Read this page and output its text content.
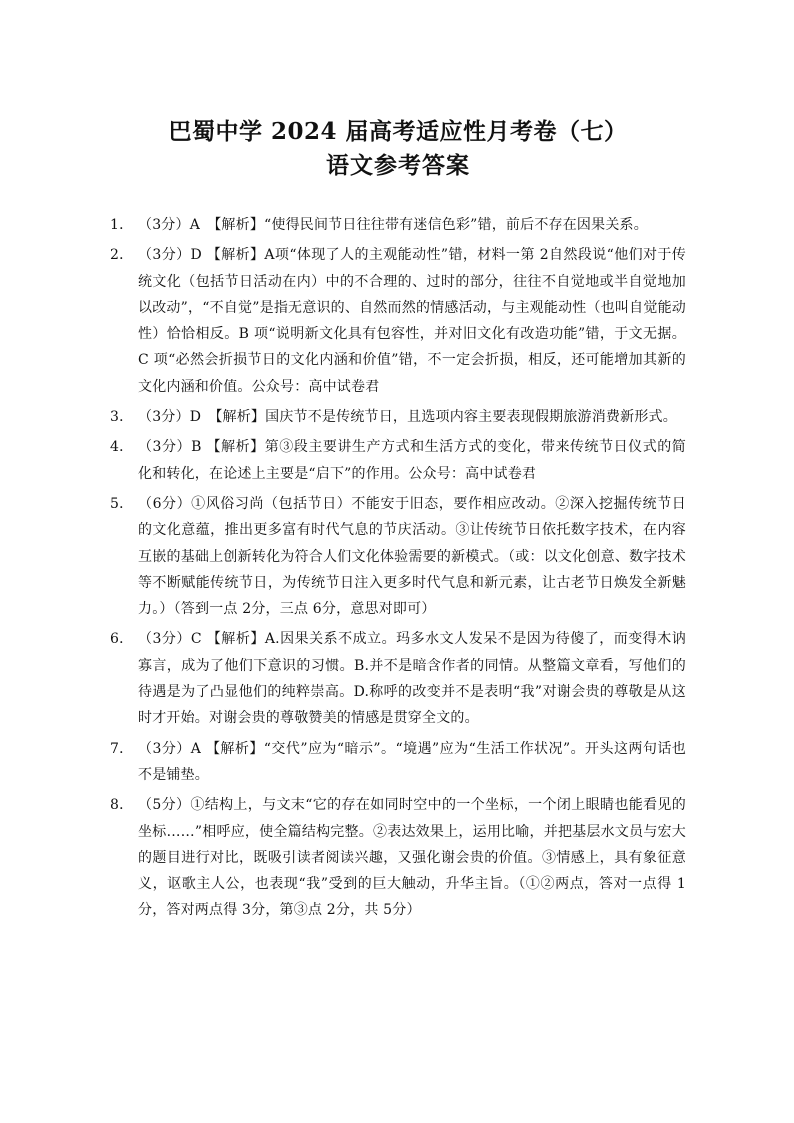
巴蜀中学 2024 届高考适应性月考卷（七）
语文参考答案
1． （3分）A　【解析】“使得民间节日往往带有迷信色彩”错，前后不存在因果关系。
2． （3分）D 【解析】A项“体现了人的主观能动性”错，材料一第 2自然段说“他们对于传统文化（包括节日活动在内）中的不合理的、过时的部分，往往不自觉地或半自觉地加以改动”，“不自觉”是指无意识的、自然而然的情感活动，与主观能动性（也叫自觉能动性）恰恰相反。B 项“说明新文化具有包容性，并对旧文化有改造功能”错，于文无据。 C 项“必然会折损节日的文化内涵和价值”错，不一定会折损，相反，还可能增加其新的文化内涵和价值。公众号：高中试卷君
3． （3分）D　【解析】国庆节不是传统节日，且选项内容主要表现假期旅游消费新形式。
4． （3分）B 【解析】第③段主要讲生产方式和生活方式的变化，带来传统节日仪式的简化和转化，在论述上主要是“启下”的作用。公众号：高中试卷君
5． （6分）①风俗习尚（包括节日）不能安于旧态，要作相应改动。②深入挖掘传统节日的文化意蕴，推出更多富有时代气息的节庆活动。③让传统节日依托数字技术，在内容互嵌的基础上创新转化为符合人们文化体验需要的新模式。（或：以文化创意、数字技术等不断赋能传统节日，为传统节日注入更多时代气息和新元素，让古老节日焕发全新魅力。）（答到一点 2分，三点 6分，意思对即可）
6． （3分）C 【解析】A.因果关系不成立。玛多水文人发呆不是因为待傻了，而变得木讷寡言，成为了他们下意识的习惯。B.并不是暗含作者的同情。从整篇文章看，写他们的待遇是为了凸显他们的纯粹崇高。D.称呼的改变并不是表明“我”对谢会贵的尊敬是从这时才开始。对谢会贵的尊敬赞美的情感是贯穿全文的。
7． （3分）A 【解析】“交代”应为“暗示”。“境遇”应为“生活工作状况”。开头这两句话也不是铺垫。
8． （5分）①结构上，与文末“它的存在如同时空中的一个坐标，一个闭上眼睛也能看见的坐标……”相呼应，使全篇结构完整。②表达效果上，运用比喻，并把基层水文员与宏大的题目进行对比，既吸引读者阅读兴趣，又强化谢会贵的价值。③情感上，具有象征意义，讴歌主人公，也表现“我”受到的巨大触动，升华主旨。（①②两点，答对一点得 1 分，答对两点得 3分，第③点 2分，共 5分）
